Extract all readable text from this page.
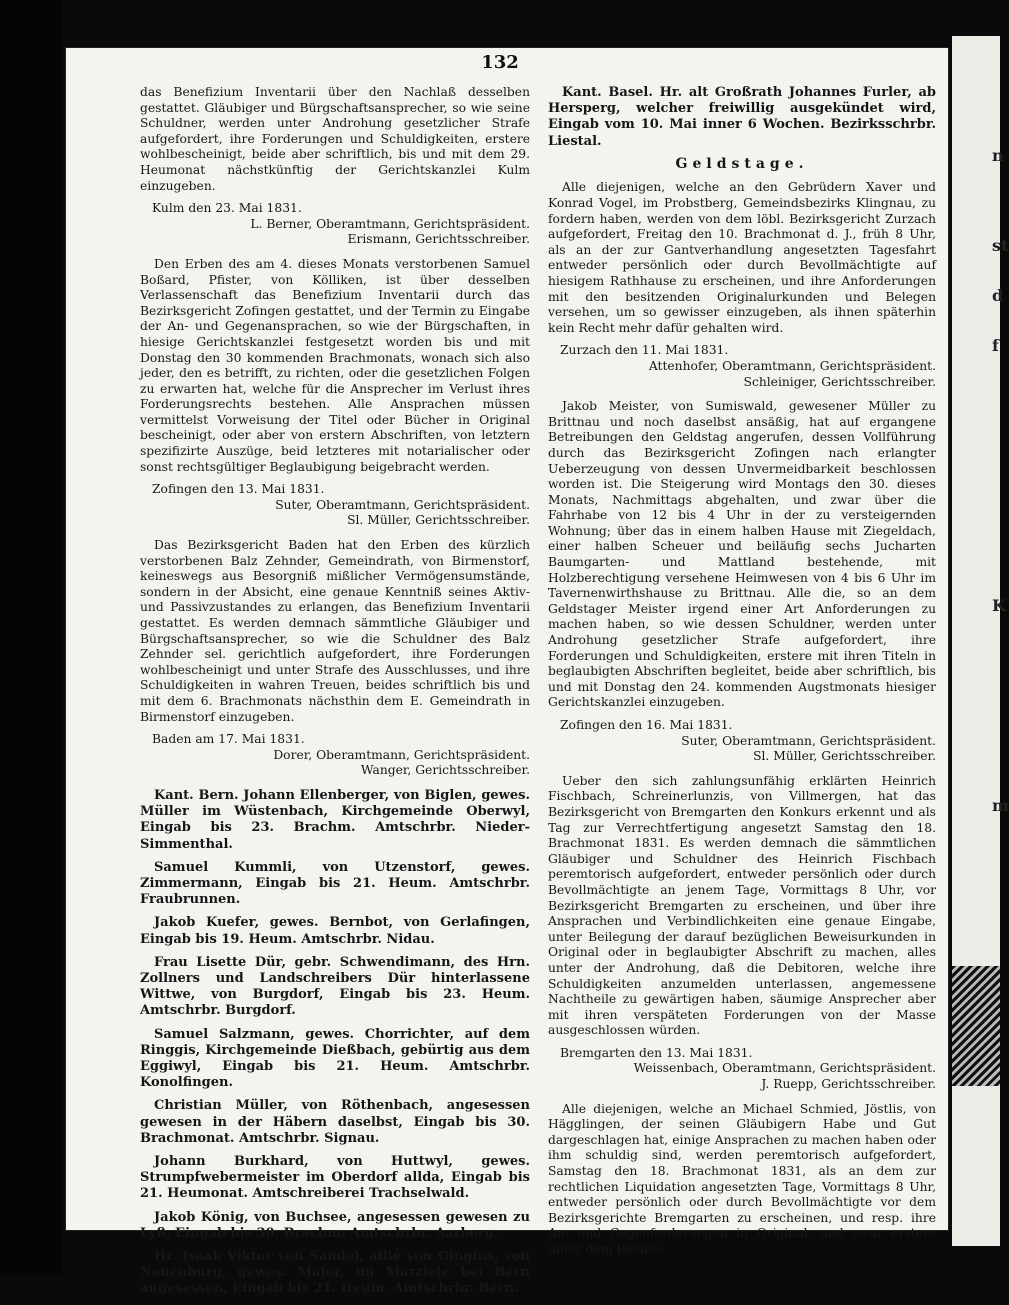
n
st
d
f
K
m
132

das Benefizium Inventarii über den Nachlaß desselben gestattet. Gläubiger und Bürgschaftsansprecher, so wie seine Schuldner, werden unter Androhung gesetzlicher Strafe aufgefordert, ihre Forderungen und Schuldigkeiten, erstere wohlbescheinigt, beide aber schriftlich, bis und mit dem 29. Heumonat nächstkünftig der Gerichtskanzlei Kulm einzugeben.

Kulm den 23. Mai 1831.

L. Berner, Oberamtmann, Gerichtspräsident.

Erismann, Gerichtsschreiber.

Den Erben des am 4. dieses Monats verstorbenen Samuel Boßard, Pfister, von Kölliken, ist über desselben Verlassenschaft das Benefizium Inventarii durch das Bezirksgericht Zofingen gestattet, und der Termin zu Eingabe der An- und Gegenansprachen, so wie der Bürgschaften, in hiesige Gerichtskanzlei festgesetzt worden bis und mit Donstag den 30 kommenden Brachmonats, wonach sich also jeder, den es betrifft, zu richten, oder die gesetzlichen Folgen zu erwarten hat, welche für die Ansprecher im Verlust ihres Forderungsrechts bestehen. Alle Ansprachen müssen vermittelst Vorweisung der Titel oder Bücher in Original bescheinigt, oder aber von erstern Abschriften, von letztern spezifizirte Auszüge, beid letzteres mit notarialischer oder sonst rechtsgültiger Beglaubigung beigebracht werden.

Zofingen den 13. Mai 1831.

Suter, Oberamtmann, Gerichtspräsident.

Sl. Müller, Gerichtsschreiber.

Das Bezirksgericht Baden hat den Erben des kürzlich verstorbenen Balz Zehnder, Gemeindrath, von Birmenstorf, keineswegs aus Besorgniß mißlicher Vermögensumstände, sondern in der Absicht, eine genaue Kenntniß seines Aktiv- und Passivzustandes zu erlangen, das Benefizium Inventarii gestattet. Es werden demnach sämmtliche Gläubiger und Bürgschaftsansprecher, so wie die Schuldner des Balz Zehnder sel. gerichtlich aufgefordert, ihre Forderungen wohlbescheinigt und unter Strafe des Ausschlusses, und ihre Schuldigkeiten in wahren Treuen, beides schriftlich bis und mit dem 6. Brachmonats nächsthin dem E. Gemeindrath in Birmenstorf einzugeben.

Baden am 17. Mai 1831.

Dorer, Oberamtmann, Gerichtspräsident.

Wanger, Gerichtsschreiber.

Kant. Bern. Johann Ellenberger, von Biglen, gewes. Müller im Wüstenbach, Kirchgemeinde Oberwyl, Eingab bis 23. Brachm. Amtschrbr. Nieder-Simmenthal.

Samuel Kummli, von Utzenstorf, gewes. Zimmermann, Eingab bis 21. Heum. Amtschrbr. Fraubrunnen.

Jakob Kuefer, gewes. Bernbot, von Gerlafingen, Eingab bis 19. Heum. Amtschrbr. Nidau.

Frau Lisette Dür, gebr. Schwendimann, des Hrn. Zollners und Landschreibers Dür hinterlassene Wittwe, von Burgdorf, Eingab bis 23. Heum. Amtschrbr. Burgdorf.

Samuel Salzmann, gewes. Chorrichter, auf dem Ringgis, Kirchgemeinde Dießbach, gebürtig aus dem Eggiwyl, Eingab bis 21. Heum. Amtschrbr. Konolfingen.

Christian Müller, von Röthenbach, angesessen gewesen in der Häbern daselbst, Eingab bis 30. Brachmonat. Amtschrbr. Signau.

Johann Burkhard, von Huttwyl, gewes. Strumpfwebermeister im Oberdorf allda, Eingab bis 21. Heumonat. Amtschreiberei Trachselwald.

Jakob König, von Buchsee, angesessen gewesen zu Lyß, Eingab bis 30. Brachm. Amtschrbr. Aarberg.

Hr. Isaak Viktor von Sandol, allié von Gingins, von Neuenburg, gewes. Major, im Marziele bei Bern angesessen, Eingab bis 21. Heum. Amtschrbr. Bern.

Kant. Basel. Hr. alt Großrath Johannes Furler, ab Hersperg, welcher freiwillig ausgekündet wird, Eingab vom 10. Mai inner 6 Wochen. Bezirksschrbr. Liestal.

Geldstage.

Alle diejenigen, welche an den Gebrüdern Xaver und Konrad Vogel, im Probstberg, Gemeindsbezirks Klingnau, zu fordern haben, werden von dem löbl. Bezirksgericht Zurzach aufgefordert, Freitag den 10. Brachmonat d. J., früh 8 Uhr, als an der zur Gantverhandlung angesetzten Tagesfahrt entweder persönlich oder durch Bevollmächtigte auf hiesigem Rathhause zu erscheinen, und ihre Anforderungen mit den besitzenden Originalurkunden und Belegen versehen, um so gewisser einzugeben, als ihnen späterhin kein Recht mehr dafür gehalten wird.

Zurzach den 11. Mai 1831.

Attenhofer, Oberamtmann, Gerichtspräsident.

Schleiniger, Gerichtsschreiber.

Jakob Meister, von Sumiswald, gewesener Müller zu Brittnau und noch daselbst ansäßig, hat auf ergangene Betreibungen den Geldstag angerufen, dessen Vollführung durch das Bezirksgericht Zofingen nach erlangter Ueberzeugung von dessen Unvermeidbarkeit beschlossen worden ist. Die Steigerung wird Montags den 30. dieses Monats, Nachmittags abgehalten, und zwar über die Fahrhabe von 12 bis 4 Uhr in der zu versteigernden Wohnung; über das in einem halben Hause mit Ziegeldach, einer halben Scheuer und beiläufig sechs Jucharten Baumgarten- und Mattland bestehende, mit Holzberechtigung versehene Heimwesen von 4 bis 6 Uhr im Tavernenwirthshause zu Brittnau. Alle die, so an dem Geldstager Meister irgend einer Art Anforderungen zu machen haben, so wie dessen Schuldner, werden unter Androhung gesetzlicher Strafe aufgefordert, ihre Forderungen und Schuldigkeiten, erstere mit ihren Titeln in beglaubigten Abschriften begleitet, beide aber schriftlich, bis und mit Donstag den 24. kommenden Augstmonats hiesiger Gerichtskanzlei einzugeben.

Zofingen den 16. Mai 1831.

Suter, Oberamtmann, Gerichtspräsident.

Sl. Müller, Gerichtsschreiber.

Ueber den sich zahlungsunfähig erklärten Heinrich Fischbach, Schreinerlunzis, von Villmergen, hat das Bezirksgericht von Bremgarten den Konkurs erkennt und als Tag zur Verrechtfertigung angesetzt Samstag den 18. Brachmonat 1831. Es werden demnach die sämmtlichen Gläubiger und Schuldner des Heinrich Fischbach peremtorisch aufgefordert, entweder persönlich oder durch Bevollmächtigte an jenem Tage, Vormittags 8 Uhr, vor Bezirksgericht Bremgarten zu erscheinen, und über ihre Ansprachen und Verbindlichkeiten eine genaue Eingabe, unter Beilegung der darauf bezüglichen Beweisurkunden in Original oder in beglaubigter Abschrift zu machen, alles unter der Androhung, daß die Debitoren, welche ihre Schuldigkeiten anzumelden unterlassen, angemessene Nachtheile zu gewärtigen haben, säumige Ansprecher aber mit ihren verspäteten Forderungen von der Masse ausgeschlossen würden.

Bremgarten den 13. Mai 1831.

Weissenbach, Oberamtmann, Gerichtspräsident.

J. Ruepp, Gerichtsschreiber.

Alle diejenigen, welche an Michael Schmied, Jöstlis, von Hägglingen, der seinen Gläubigern Habe und Gut dargeschlagen hat, einige Ansprachen zu machen haben oder ihm schuldig sind, werden peremtorisch aufgefordert, Samstag den 18. Brachmonat 1831, als an dem zur rechtlichen Liquidation angesetzten Tage, Vormittags 8 Uhr, entweder persönlich oder durch Bevollmächtigte vor dem Bezirksgerichte Bremgarten zu erscheinen, und resp. ihre An- und Gegenforderungen in Original, und zwar erstere unter dem Rechts-
